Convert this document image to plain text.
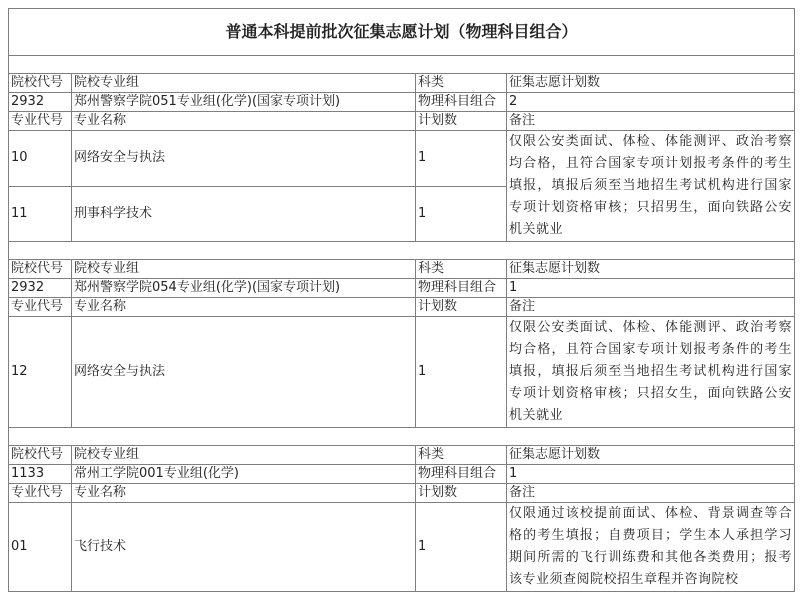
普通本科提前批次征集志愿计划（物理科目组合）			

院校代号	院校专业组	科类	征集志愿计划数
2932	郑州警察学院051专业组(化学)(国家专项计划)	物理科目组合	2
专业代号	专业名称	计划数	备注
10	网络安全与执法	1	仅限公安类面试、体检、体能测评、政治考察均合格，且符合国家专项计划报考条件的考生填报，填报后须至当地招生考试机构进行国家专项计划资格审核；只招男生，面向铁路公安机关就业

11	刑事科学技术	1	

院校代号	院校专业组	科类	征集志愿计划数
2932	郑州警察学院054专业组(化学)(国家专项计划)	物理科目组合	1
专业代号	专业名称	计划数	备注
12	网络安全与执法	1	仅限公安类面试、体检、体能测评、政治考察均合格，且符合国家专项计划报考条件的考生填报，填报后须至当地招生考试机构进行国家专项计划资格审核；只招女生，面向铁路公安机关就业

院校代号	院校专业组	科类	征集志愿计划数
1133	常州工学院001专业组(化学)	物理科目组合	1
专业代号	专业名称	计划数	备注
01	飞行技术	1	仅限通过该校提前面试、体检、背景调查等合格的考生填报；自费项目；学生本人承担学习期间所需的飞行训练费和其他各类费用；报考该专业须查阅院校招生章程并咨询院校
